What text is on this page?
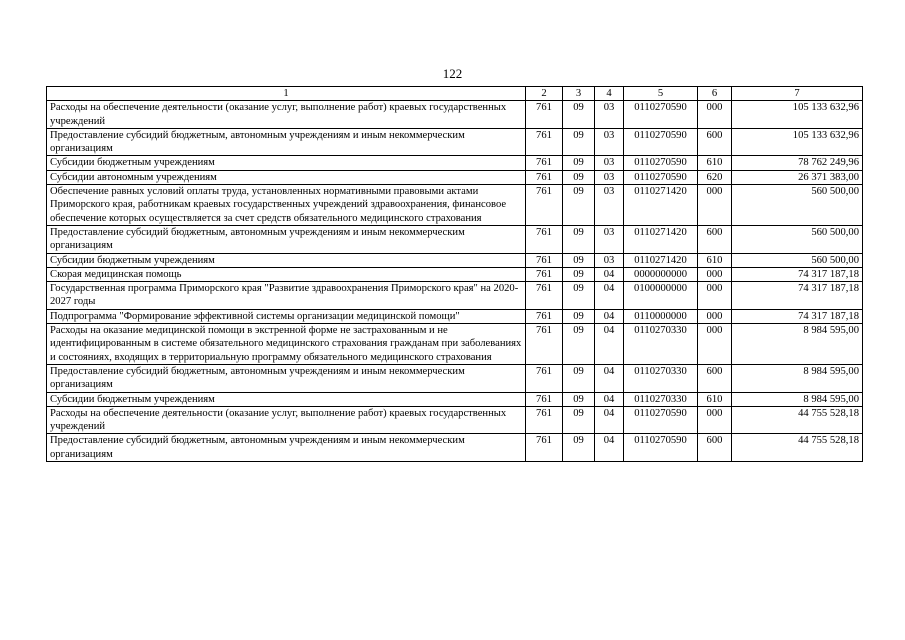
122
1	2	3	4	5	6	7
Расходы на обеспечение деятельности (оказание услуг, выполнение работ) краевых государственных учреждений	761	09	03	0110270590	000	105 133 632,96
Предоставление субсидий бюджетным, автономным учреждениям и иным некоммерческим организациям	761	09	03	0110270590	600	105 133 632,96
Субсидии бюджетным учреждениям	761	09	03	0110270590	610	78 762 249,96
Субсидии автономным учреждениям	761	09	03	0110270590	620	26 371 383,00
Обеспечение равных условий оплаты труда, установленных нормативными правовыми актами Приморского края, работникам краевых государственных учреждений здравоохранения, финансовое обеспечение которых осуществляется за счет средств обязательного медицинского страхования	761	09	03	0110271420	000	560 500,00
Предоставление субсидий бюджетным, автономным учреждениям и иным некоммерческим организациям	761	09	03	0110271420	600	560 500,00
Субсидии бюджетным учреждениям	761	09	03	0110271420	610	560 500,00
Скорая медицинская помощь	761	09	04	0000000000	000	74 317 187,18
Государственная программа Приморского края "Развитие здравоохранения Приморского края" на 2020-2027 годы	761	09	04	0100000000	000	74 317 187,18
Подпрограмма "Формирование эффективной системы организации медицинской помощи"	761	09	04	0110000000	000	74 317 187,18
Расходы на оказание медицинской помощи в экстренной форме не застрахованным и не идентифицированным в системе обязательного медицинского страхования гражданам при заболеваниях и состояниях, входящих в территориальную программу обязательного медицинского страхования	761	09	04	0110270330	000	8 984 595,00
Предоставление субсидий бюджетным, автономным учреждениям и иным некоммерческим организациям	761	09	04	0110270330	600	8 984 595,00
Субсидии бюджетным учреждениям	761	09	04	0110270330	610	8 984 595,00
Расходы на обеспечение деятельности (оказание услуг, выполнение работ) краевых государственных учреждений	761	09	04	0110270590	000	44 755 528,18
Предоставление субсидий бюджетным, автономным учреждениям и иным некоммерческим организациям	761	09	04	0110270590	600	44 755 528,18
